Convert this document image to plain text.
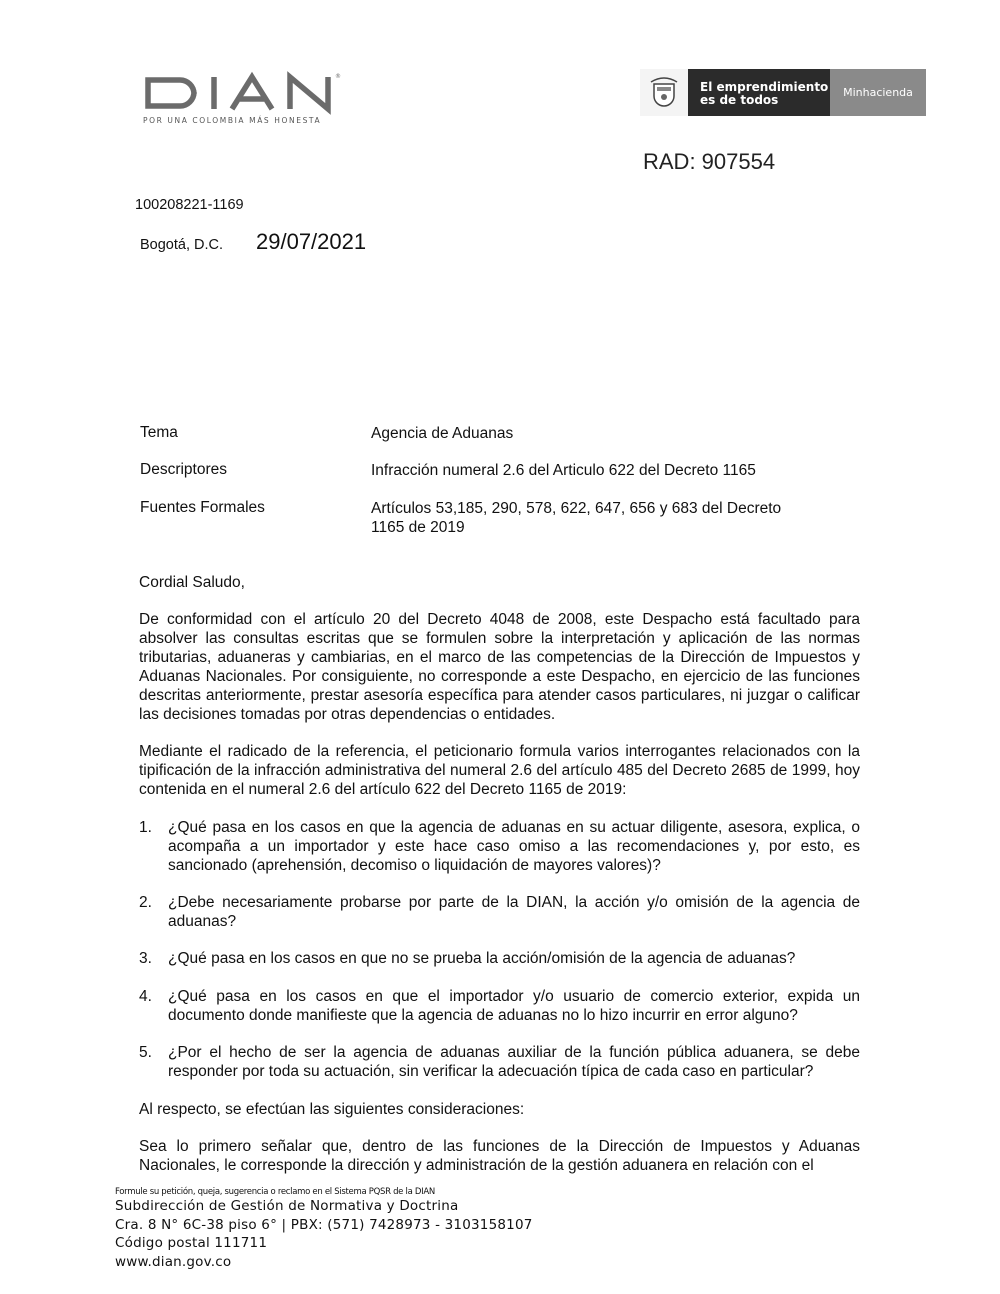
®
POR UNA COLOMBIA MÁS HONESTA
El emprendimiento
es de todos
Minhacienda
RAD: 907554
100208221-1169
Bogotá, D.C. 29/07/2021
Tema	Agencia de Aduanas
Descriptores	Infracción numeral 2.6 del Articulo 622 del Decreto 1165
Fuentes Formales	Artículos 53,185, 290, 578, 622, 647, 656 y 683 del Decreto 1165 de 2019
Cordial Saludo,
De conformidad con el artículo 20 del Decreto 4048 de 2008, este Despacho está facultado para absolver las consultas escritas que se formulen sobre la interpretación y aplicación de las normas tributarias, aduaneras y cambiarias, en el marco de las competencias de la Dirección de Impuestos y Aduanas Nacionales. Por consiguiente, no corresponde a este Despacho, en ejercicio de las funciones descritas anteriormente, prestar asesoría específica para atender casos particulares, ni juzgar o calificar las decisiones tomadas por otras dependencias o entidades.
Mediante el radicado de la referencia, el peticionario formula varios interrogantes relacionados con la tipificación de la infracción administrativa del numeral 2.6 del artículo 485 del Decreto 2685 de 1999, hoy contenida en el numeral 2.6 del artículo 622 del Decreto 1165 de 2019:
1. ¿Qué pasa en los casos en que la agencia de aduanas en su actuar diligente, asesora, explica, o acompaña a un importador y este hace caso omiso a las recomendaciones y, por esto, es sancionado (aprehensión, decomiso o liquidación de mayores valores)?
2. ¿Debe necesariamente probarse por parte de la DIAN, la acción y/o omisión de la agencia de aduanas?
3. ¿Qué pasa en los casos en que no se prueba la acción/omisión de la agencia de aduanas?
4. ¿Qué pasa en los casos en que el importador y/o usuario de comercio exterior, expida un documento donde manifieste que la agencia de aduanas no lo hizo incurrir en error alguno?
5. ¿Por el hecho de ser la agencia de aduanas auxiliar de la función pública aduanera, se debe responder por toda su actuación, sin verificar la adecuación típica de cada caso en particular?
Al respecto, se efectúan las siguientes consideraciones:
Sea lo primero señalar que, dentro de las funciones de la Dirección de Impuestos y Aduanas Nacionales, le corresponde la dirección y administración de la gestión aduanera en relación con el
Formule su petición, queja, sugerencia o reclamo en el Sistema PQSR de la DIAN
Subdirección de Gestión de Normativa y Doctrina
Cra. 8 N° 6C-38 piso 6° | PBX: (571) 7428973 - 3103158107
Código postal 111711
www.dian.gov.co
